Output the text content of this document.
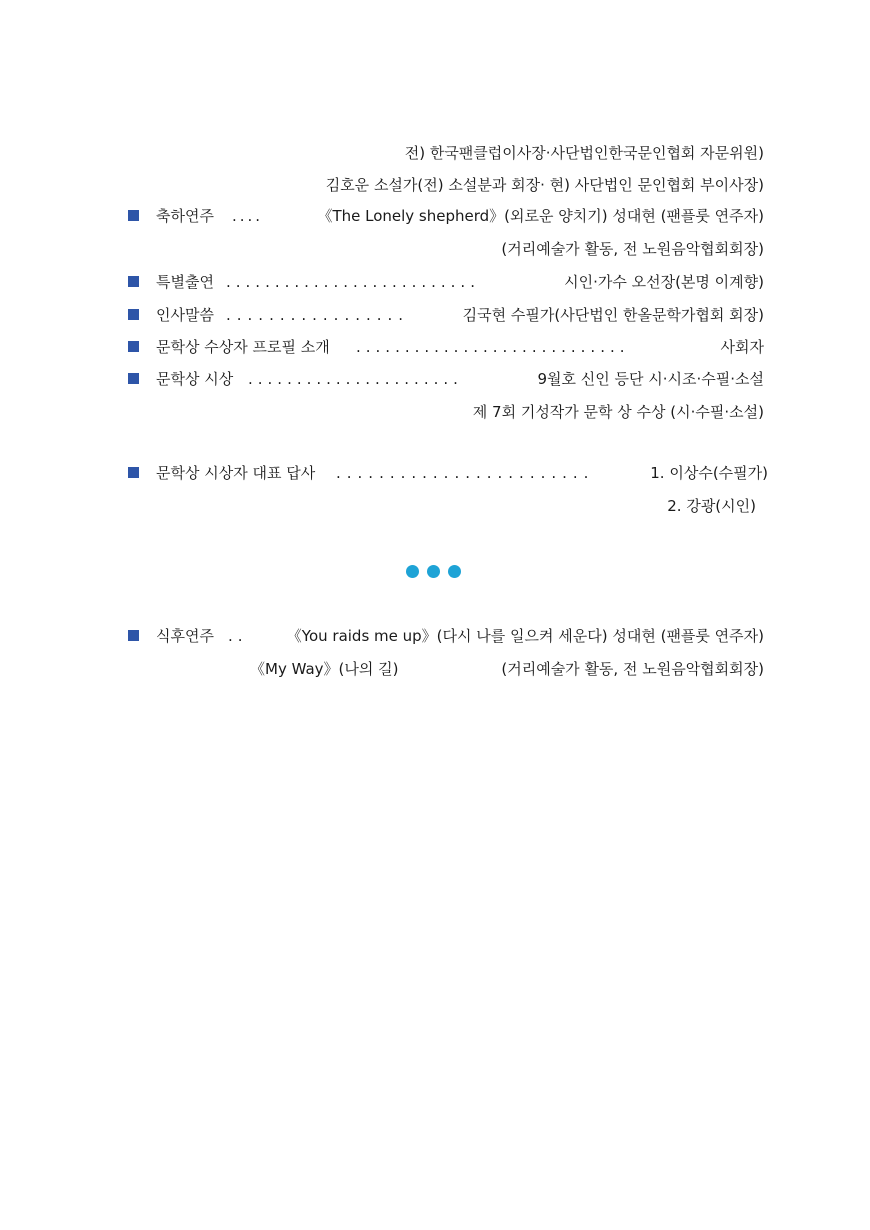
전) 한국팬클럽이사장·사단법인한국문인협회 자문위원)
김호운 소설가(전) 소설분과 회장· 현) 사단법인 문인협회 부이사장)
축하연주 ....	《The Lonely shepherd》(외로운 양치기) 성대현 (팬플룻 연주자)
(거리예술가 활동, 전 노원음악협회회장)
특별출연 ..........................	시인·가수 오선장(본명 이계향)
인사말씀 .................	김국현 수필가(사단법인 한올문학가협회 회장)
문학상 수상자 프로필 소개 ............................	사회자
문학상 시상 ......................	9월호 신인 등단 시·시조·수필·소설
제 7회 기성작가 문학 상 수상 (시·수필·소설)
문학상 시상자 대표 답사 ........................	1. 이상수(수필가)
2. 강광(시인)
식후연주 ..	《You raids me up》(다시 나를 일으켜 세운다) 성대현 (팬플룻 연주자)
《My Way》(나의 길)	(거리예술가 활동, 전 노원음악협회회장)
